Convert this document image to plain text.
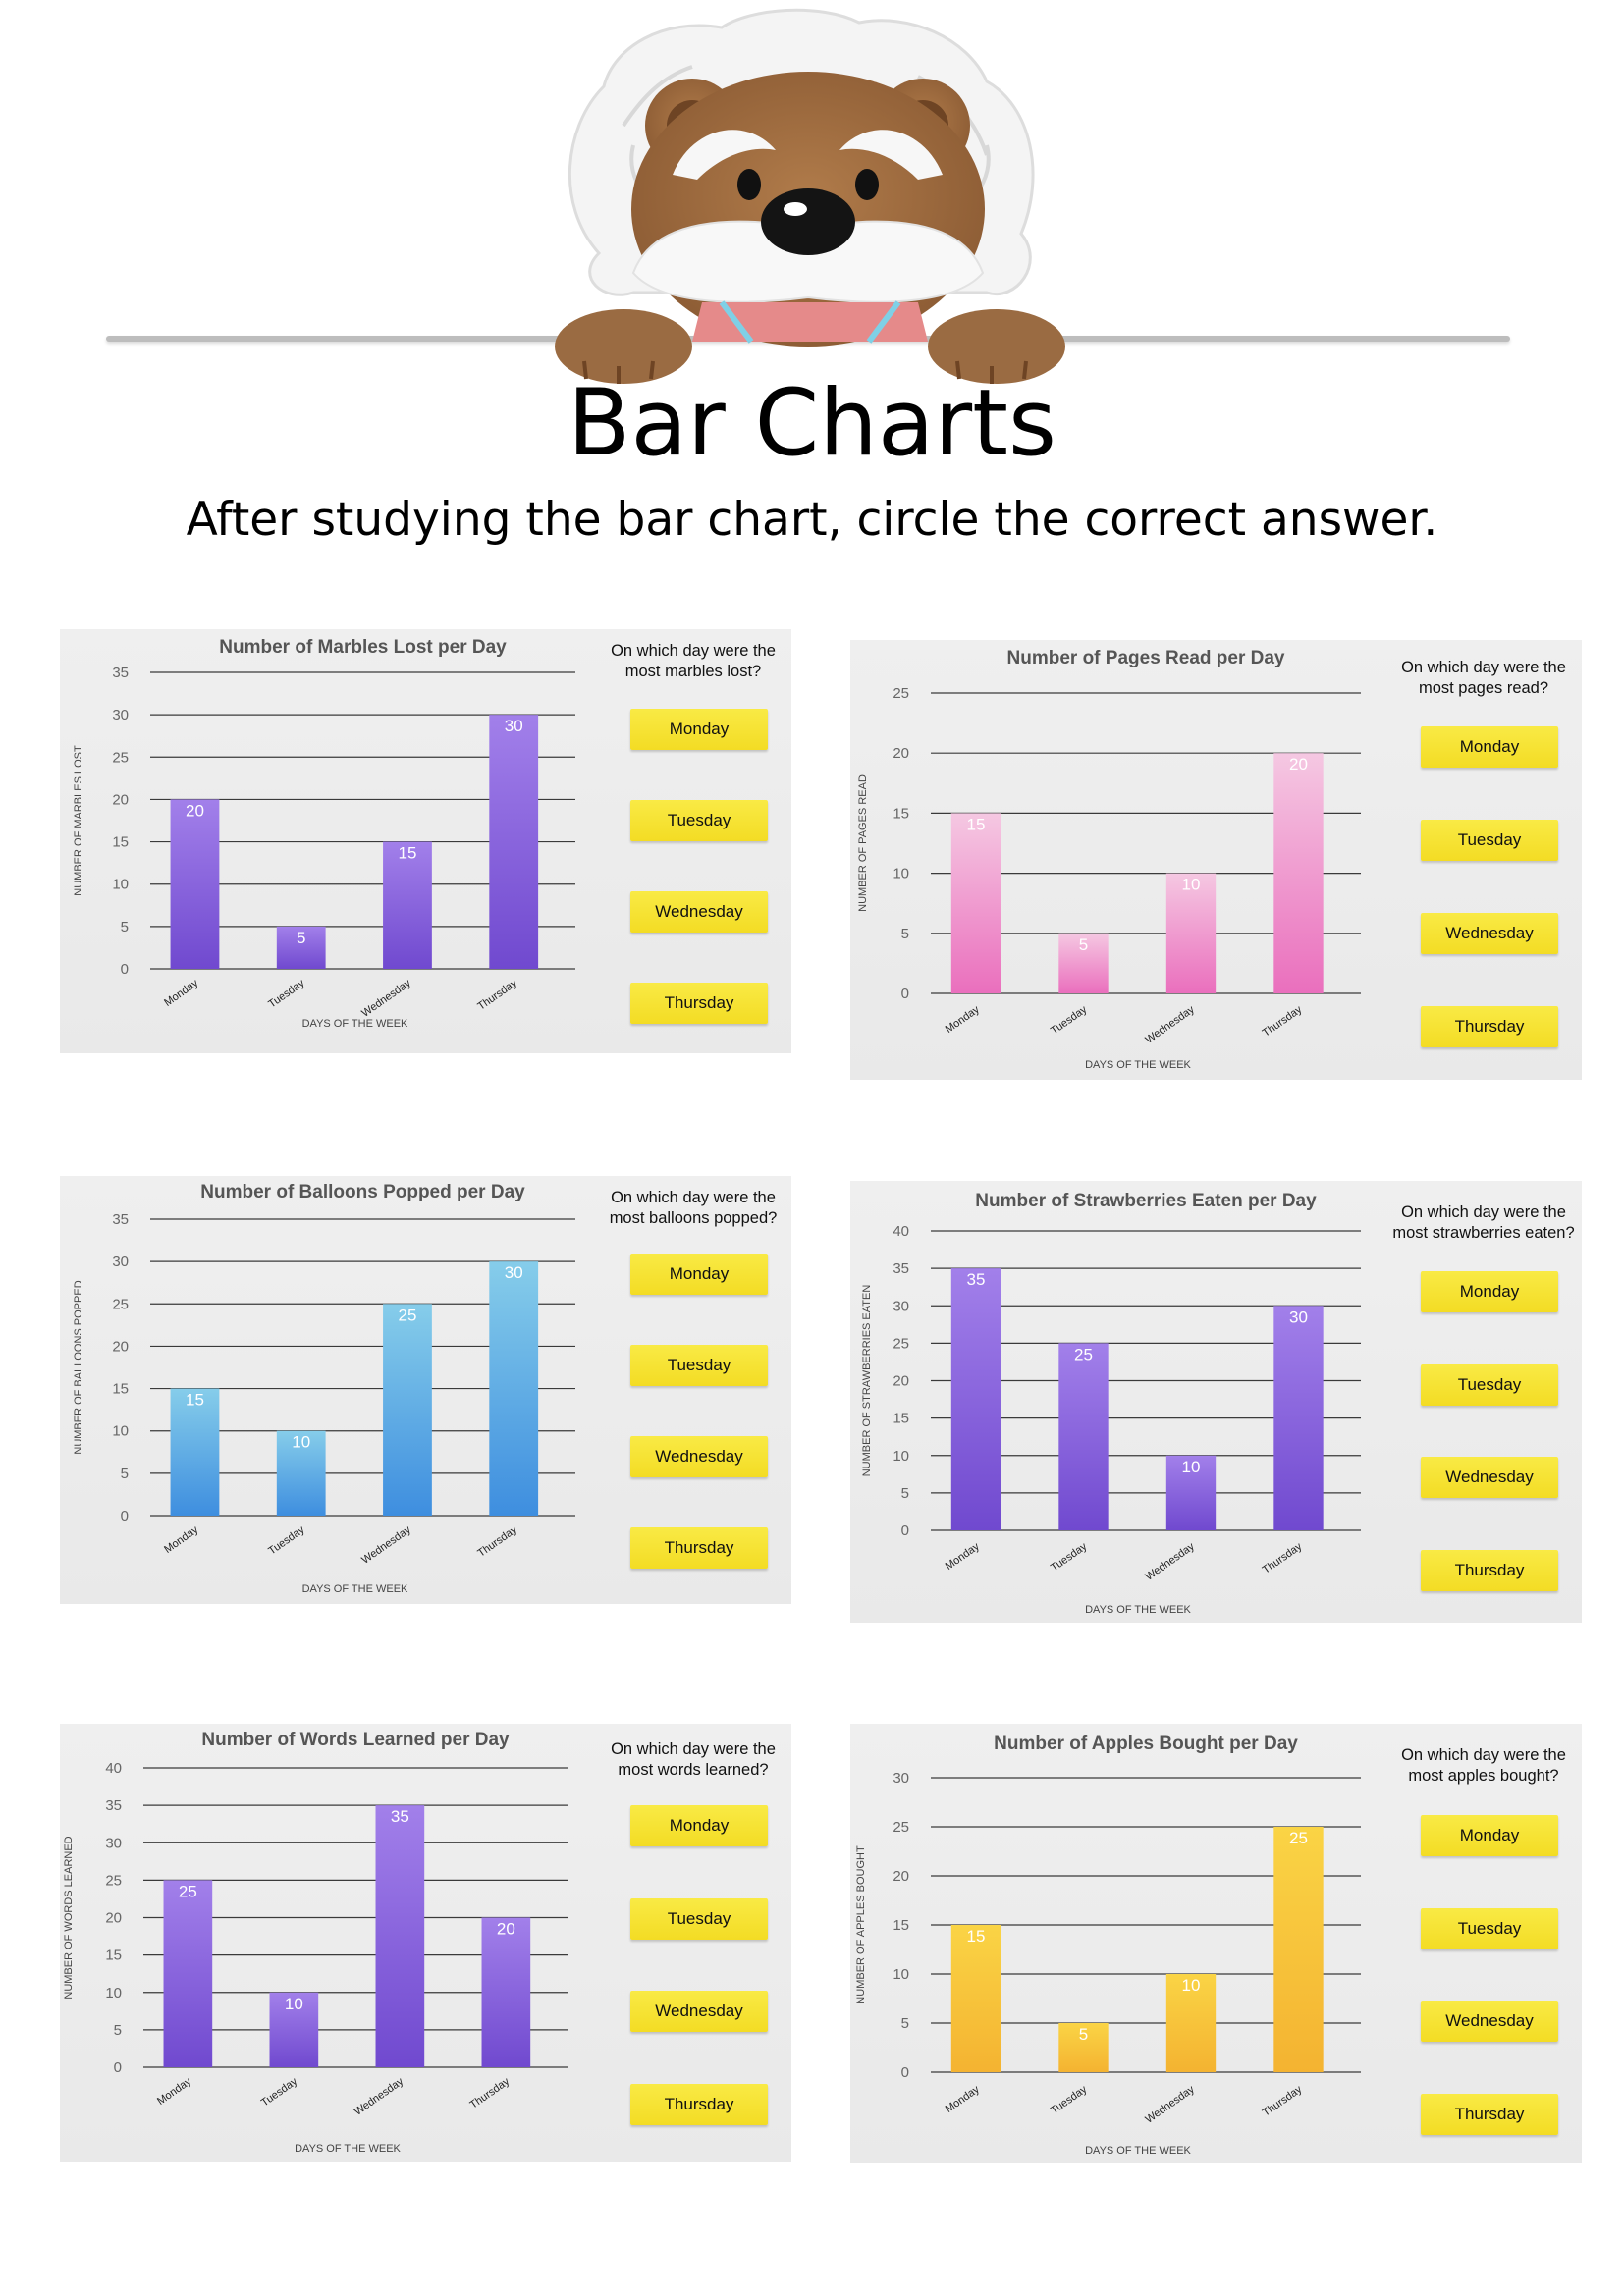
Bar Charts
After studying the bar chart, circle the correct answer.
Number of Marbles Lost per Day
0
5
10
15
20
25
30
35
20
Monday
5
Tuesday
15
Wednesday
30
Thursday
DAYS OF THE WEEK
NUMBER OF MARBLES LOST
On which day were the most marbles lost?
Monday
Tuesday
Wednesday
Thursday
Number of Pages Read per Day
0
5
10
15
20
25
15
Monday
5
Tuesday
10
Wednesday
20
Thursday
DAYS OF THE WEEK
NUMBER OF PAGES READ
On which day were the most pages read?
Monday
Tuesday
Wednesday
Thursday
Number of Balloons Popped per Day
0
5
10
15
20
25
30
35
15
Monday
10
Tuesday
25
Wednesday
30
Thursday
DAYS OF THE WEEK
NUMBER OF BALLOONS POPPED
On which day were the most balloons popped?
Monday
Tuesday
Wednesday
Thursday
Number of Strawberries Eaten per Day
0
5
10
15
20
25
30
35
40
35
Monday
25
Tuesday
10
Wednesday
30
Thursday
DAYS OF THE WEEK
NUMBER OF STRAWBERRIES EATEN
On which day were the most strawberries eaten?
Monday
Tuesday
Wednesday
Thursday
Number of Words Learned per Day
0
5
10
15
20
25
30
35
40
25
Monday
10
Tuesday
35
Wednesday
20
Thursday
DAYS OF THE WEEK
NUMBER OF WORDS LEARNED
On which day were the most words learned?
Monday
Tuesday
Wednesday
Thursday
Number of Apples Bought per Day
0
5
10
15
20
25
30
15
Monday
5
Tuesday
10
Wednesday
25
Thursday
DAYS OF THE WEEK
NUMBER OF APPLES BOUGHT
On which day were the most apples bought?
Monday
Tuesday
Wednesday
Thursday
